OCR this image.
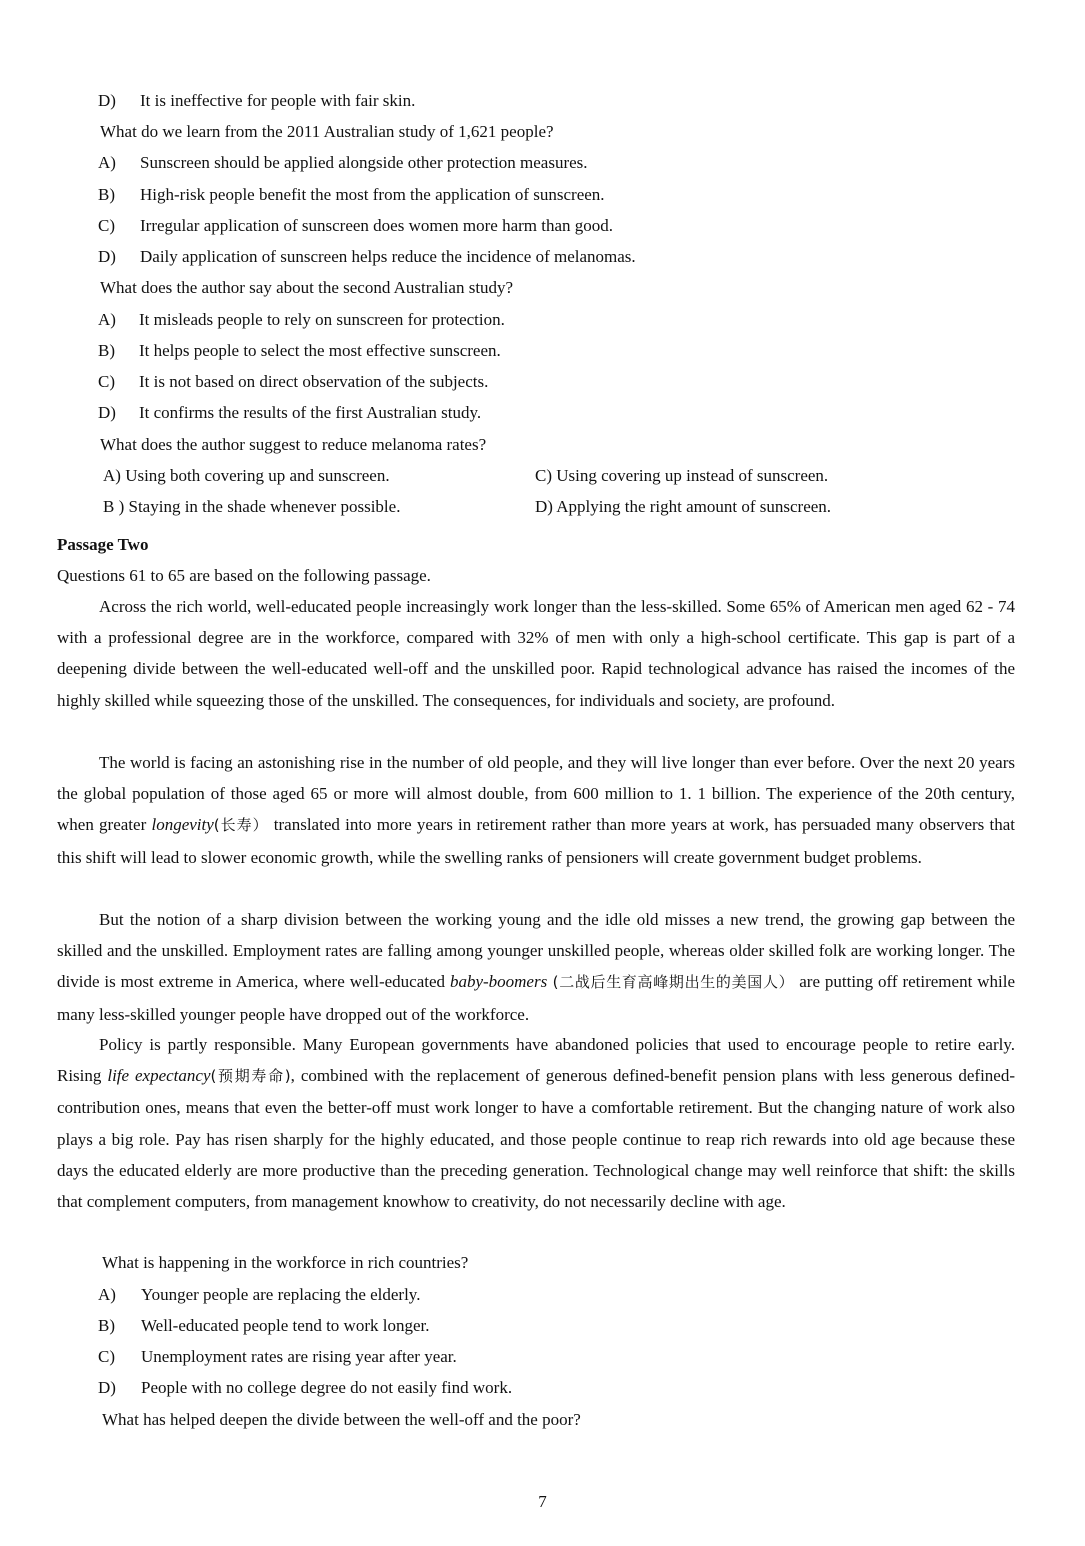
D) It is ineffective for people with fair skin.
What do we learn from the 2011 Australian study of 1,621 people?
A) Sunscreen should be applied alongside other protection measures.
B) High-risk people benefit the most from the application of sunscreen.
C) Irregular application of sunscreen does women more harm than good.
D) Daily application of sunscreen helps reduce the incidence of melanomas.
What does the author say about the second Australian study?
A) It misleads people to rely on sunscreen for protection.
B) It helps people to select the most effective sunscreen.
C) It is not based on direct observation of the subjects.
D) It confirms the results of the first Australian study.
What does the author suggest to reduce melanoma rates?
A) Using both covering up and sunscreen.	C) Using covering up instead of sunscreen.
B ) Staying in the shade whenever possible.	D) Applying the right amount of sunscreen.
Passage Two
Questions 61 to 65 are based on the following passage.
Across the rich world, well-educated people increasingly work longer than the less-skilled. Some 65% of American men aged 62 - 74 with a professional degree are in the workforce, compared with 32% of men with only a high-school certificate. This gap is part of a deepening divide between the well-educated well-off and the unskilled poor. Rapid technological advance has raised the incomes of the highly skilled while squeezing those of the unskilled. The consequences, for individuals and society, are profound.
The world is facing an astonishing rise in the number of old people, and they will live longer than ever before. Over the next 20 years the global population of those aged 65 or more will almost double, from 600 million to 1. 1 billion. The experience of the 20th century, when greater longevity(长寿） translated into more years in retirement rather than more years at work, has persuaded many observers that this shift will lead to slower economic growth, while the swelling ranks of pensioners will create government budget problems.
But the notion of a sharp division between the working young and the idle old misses a new trend, the growing gap between the skilled and the unskilled. Employment rates are falling among younger unskilled people, whereas older skilled folk are working longer. The divide is most extreme in America, where well-educated baby-boomers (二战后生育高峰期出生的美国人） are putting off retirement while many less-skilled younger people have dropped out of the workforce.
Policy is partly responsible. Many European governments have abandoned policies that used to encourage people to retire early. Rising life expectancy(预期寿命), combined with the replacement of generous defined-benefit pension plans with less generous defined-contribution ones, means that even the better-off must work longer to have a comfortable retirement. But the changing nature of work also plays a big role. Pay has risen sharply for the highly educated, and those people continue to reap rich rewards into old age because these days the educated elderly are more productive than the preceding generation. Technological change may well reinforce that shift: the skills that complement computers, from management knowhow to creativity, do not necessarily decline with age.
What is happening in the workforce in rich countries?
A) Younger people are replacing the elderly.
B) Well-educated people tend to work longer.
C) Unemployment rates are rising year after year.
D) People with no college degree do not easily find work.
What has helped deepen the divide between the well-off and the poor?
7
